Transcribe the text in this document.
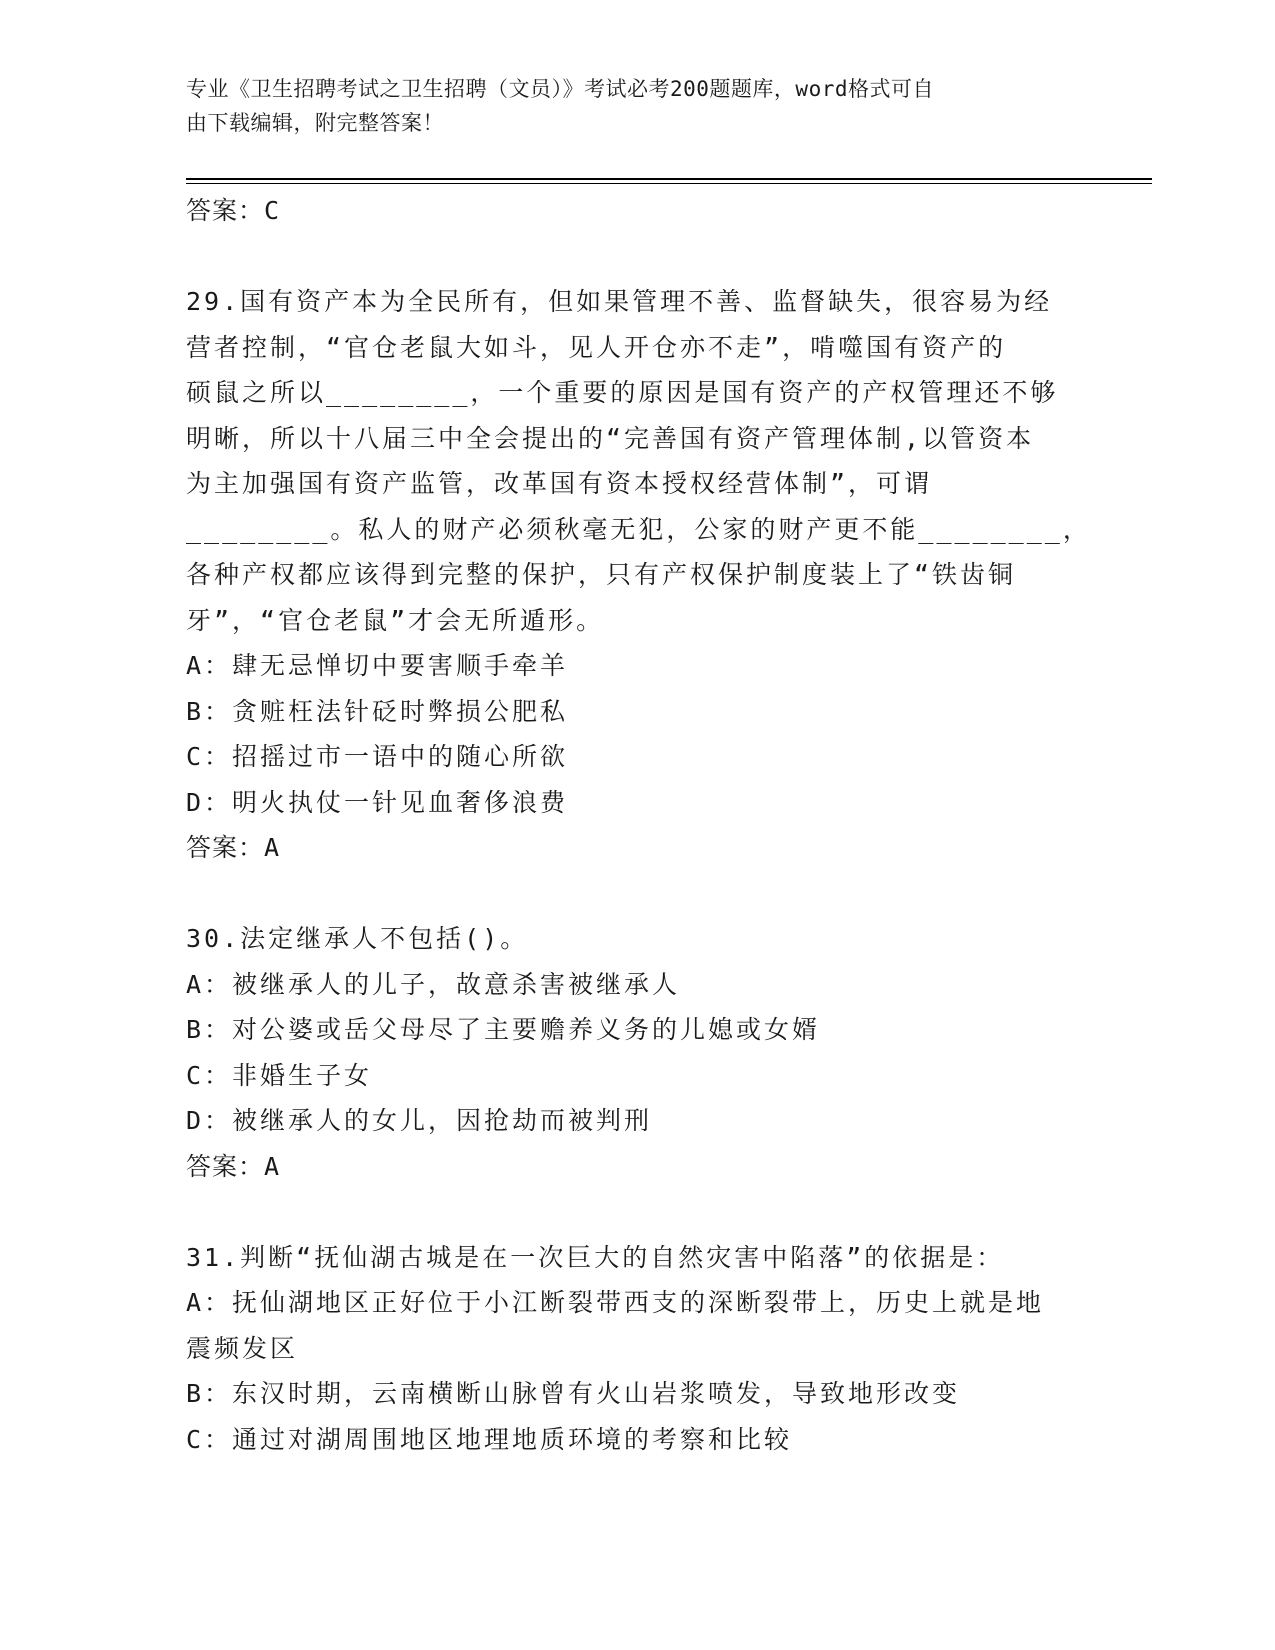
专业《卫生招聘考试之卫生招聘（文员）》考试必考200题题库，word格式可自
由下载编辑，附完整答案！
答案：C
29.国有资产本为全民所有，但如果管理不善、监督缺失，很容易为经
营者控制，“官仓老鼠大如斗，见人开仓亦不走”，啃噬国有资产的
硕鼠之所以________，一个重要的原因是国有资产的产权管理还不够
明晰，所以十八届三中全会提出的“完善国有资产管理体制,以管资本
为主加强国有资产监管，改革国有资本授权经营体制”，可谓
________。私人的财产必须秋毫无犯，公家的财产更不能________，
各种产权都应该得到完整的保护，只有产权保护制度装上了“铁齿铜
牙”，“官仓老鼠”才会无所遁形。
A：肆无忌惮切中要害顺手牵羊
B：贪赃枉法针砭时弊损公肥私
C：招摇过市一语中的随心所欲
D：明火执仗一针见血奢侈浪费
答案：A
30.法定继承人不包括()。
A：被继承人的儿子，故意杀害被继承人
B：对公婆或岳父母尽了主要赡养义务的儿媳或女婿
C：非婚生子女
D：被继承人的女儿，因抢劫而被判刑
答案：A
31.判断“抚仙湖古城是在一次巨大的自然灾害中陷落”的依据是：
A：抚仙湖地区正好位于小江断裂带西支的深断裂带上，历史上就是地
震频发区
B：东汉时期，云南横断山脉曾有火山岩浆喷发，导致地形改变
C：通过对湖周围地区地理地质环境的考察和比较
